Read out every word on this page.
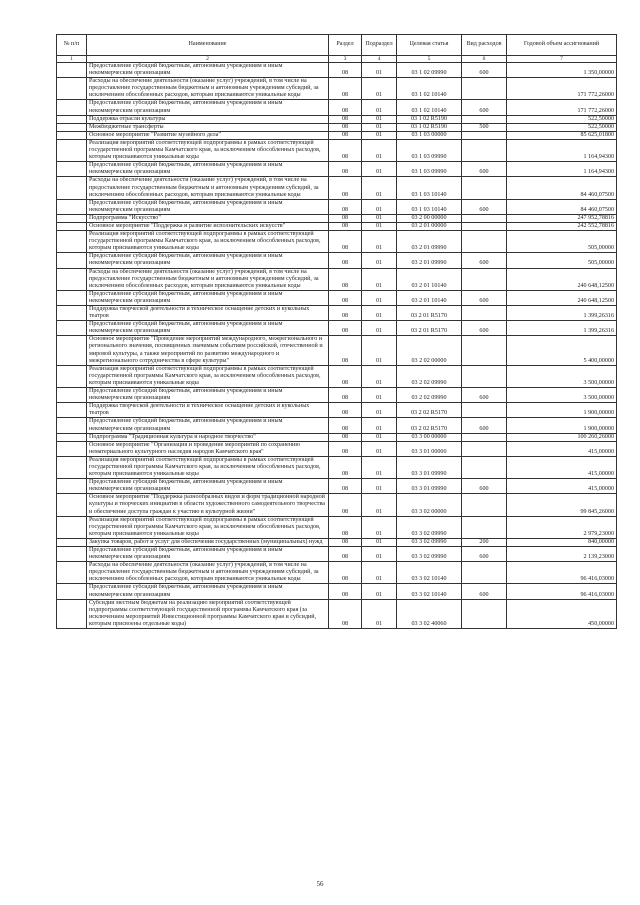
№ п/п	Наименование	Раздел	Подраздел	Целевая статья	Вид расходов	Годовой объем ассигнований
1	2	3	4	5	6	7
	Предоставление субсидий бюджетным, автономным учреждениям и иным некоммерческим организациям	08	01	03 1 02 09990	600	1 350,00000
	Расходы на обеспечение деятельности (оказание услуг) учреждений, в том числе на предоставление государственным бюджетным и автономным учреждениям субсидий, за исключением обособленных расходов, которым присваиваются уникальные коды	08	01	03 1 02 10140		171 772,26000
	Предоставление субсидий бюджетным, автономным учреждениям и иным некоммерческим организациям	08	01	03 1 02 10140	600	171 772,26000
	Поддержка отрасли культуры	08	01	03 1 02 R5190		522,50000
	Межбюджетные трансферты	08	01	03 1 02 R5190	500	522,50000
	Основное мероприятие "Развитие музейного дела"	08	01	03 1 03 00000		85 625,01800
	Реализация мероприятий соответствующей подпрограммы в рамках соответствующей государственной программы Камчатского края, за исключением обособленных расходов, которым присваиваются уникальные коды	08	01	03 1 03 09990		1 164,94300
	Предоставление субсидий бюджетным, автономным учреждениям и иным некоммерческим организациям	08	01	03 1 03 09990	600	1 164,94300
	Расходы на обеспечение деятельности (оказание услуг) учреждений, в том числе на предоставление государственным бюджетным и автономным учреждениям субсидий, за исключением обособленных расходов, которым присваиваются уникальные коды	08	01	03 1 03 10140		84 460,07500
	Предоставление субсидий бюджетным, автономным учреждениям и иным некоммерческим организациям	08	01	03 1 03 10140	600	84 460,07500
	Подпрограмма "Искусство"	08	01	03 2 00 00000		247 952,78816
	Основное мероприятие "Поддержка и развитие исполнительских искусств"	08	01	03 2 01 00000		242 552,78816
	Реализация мероприятий соответствующей подпрограммы в рамках соответствующей государственной программы Камчатского края, за исключением обособленных расходов, которым присваиваются уникальные коды	08	01	03 2 01 09990		505,00000
	Предоставление субсидий бюджетным, автономным учреждениям и иным некоммерческим организациям	08	01	03 2 01 09990	600	505,00000
	Расходы на обеспечение деятельности (оказание услуг) учреждений, в том числе на предоставление государственным бюджетным и автономным учреждениям субсидий, за исключением обособленных расходов, которым присваиваются уникальные коды	08	01	03 2 01 10140		240 648,12500
	Предоставление субсидий бюджетным, автономным учреждениям и иным некоммерческим организациям	08	01	03 2 01 10140	600	240 648,12500
	Поддержка творческой деятельности и техническое оснащение детских и кукольных театров	08	01	03 2 01 R5170		1 399,26316
	Предоставление субсидий бюджетным, автономным учреждениям и иным некоммерческим организациям	08	01	03 2 01 R5170	600	1 399,26316
	Основное мероприятие "Проведение мероприятий международного, межрегионального и регионального значения, посвященных значимым событиям российской, отечественной и мировой культуры, а также мероприятий по развитию международного и межрегионального сотрудничества в сфере культуры"	08	01	03 2 02 00000		5 400,00000
	Реализация мероприятий соответствующей подпрограммы в рамках соответствующей государственной программы Камчатского края, за исключением обособленных расходов, которым присваиваются уникальные коды	08	01	03 2 02 09990		3 500,00000
	Предоставление субсидий бюджетным, автономным учреждениям и иным некоммерческим организациям	08	01	03 2 02 09990	600	3 500,00000
	Поддержка творческой деятельности и техническое оснащение детских и кукольных театров	08	01	03 2 02 R5170		1 900,00000
	Предоставление субсидий бюджетным, автономным учреждениям и иным некоммерческим организациям	08	01	03 2 02 R5170	600	1 900,00000
	Подпрограмма "Традиционная культура и народное творчество"	08	01	03 3 00 00000		100 260,26000
	Основное мероприятие "Организация и проведение мероприятий по сохранению нематериального культурного наследия народов Камчатского края"	08	01	03 3 01 00000		415,00000
	Реализация мероприятий соответствующей подпрограммы в рамках соответствующей государственной программы Камчатского края, за исключением обособленных расходов, которым присваиваются уникальные коды	08	01	03 3 01 09990		415,00000
	Предоставление субсидий бюджетным, автономным учреждениям и иным некоммерческим организациям	08	01	03 3 01 09990	600	415,00000
	Основное мероприятие "Поддержка разнообразных видов и форм традиционной народной культуры и творческих инициатив в области художественного самодеятельного творчества и обеспечение доступа граждан к участию в культурной жизни"	08	01	03 3 02 00000		99 845,26000
	Реализация мероприятий соответствующей подпрограммы в рамках соответствующей государственной программы Камчатского края, за исключением обособленных расходов, которым присваиваются уникальные коды	08	01	03 3 02 09990		2 979,23000
	Закупка товаров, работ и услуг для обеспечения государственных (муниципальных) нужд	08	01	03 3 02 09990	200	840,00000
	Предоставление субсидий бюджетным, автономным учреждениям и иным некоммерческим организациям	08	01	03 3 02 09990	600	2 139,23000
	Расходы на обеспечение деятельности (оказание услуг) учреждений, в том числе на предоставление государственным бюджетным и автономным учреждениям субсидий, за исключением обособленных расходов, которым присваиваются уникальные коды	08	01	03 3 02 10140		96 416,03000
	Предоставление субсидий бюджетным, автономным учреждениям и иным некоммерческим организациям	08	01	03 3 02 10140	600	96 416,03000
	Субсидии местным бюджетам на реализацию мероприятий соответствующей подпрограммы соответствующей государственной программы Камчатского края (за исключением мероприятий Инвестиционной программы Камчатского края и субсидий, которым присвоены отдельные коды)	08	01	03 3 02 40060		450,00000
56
